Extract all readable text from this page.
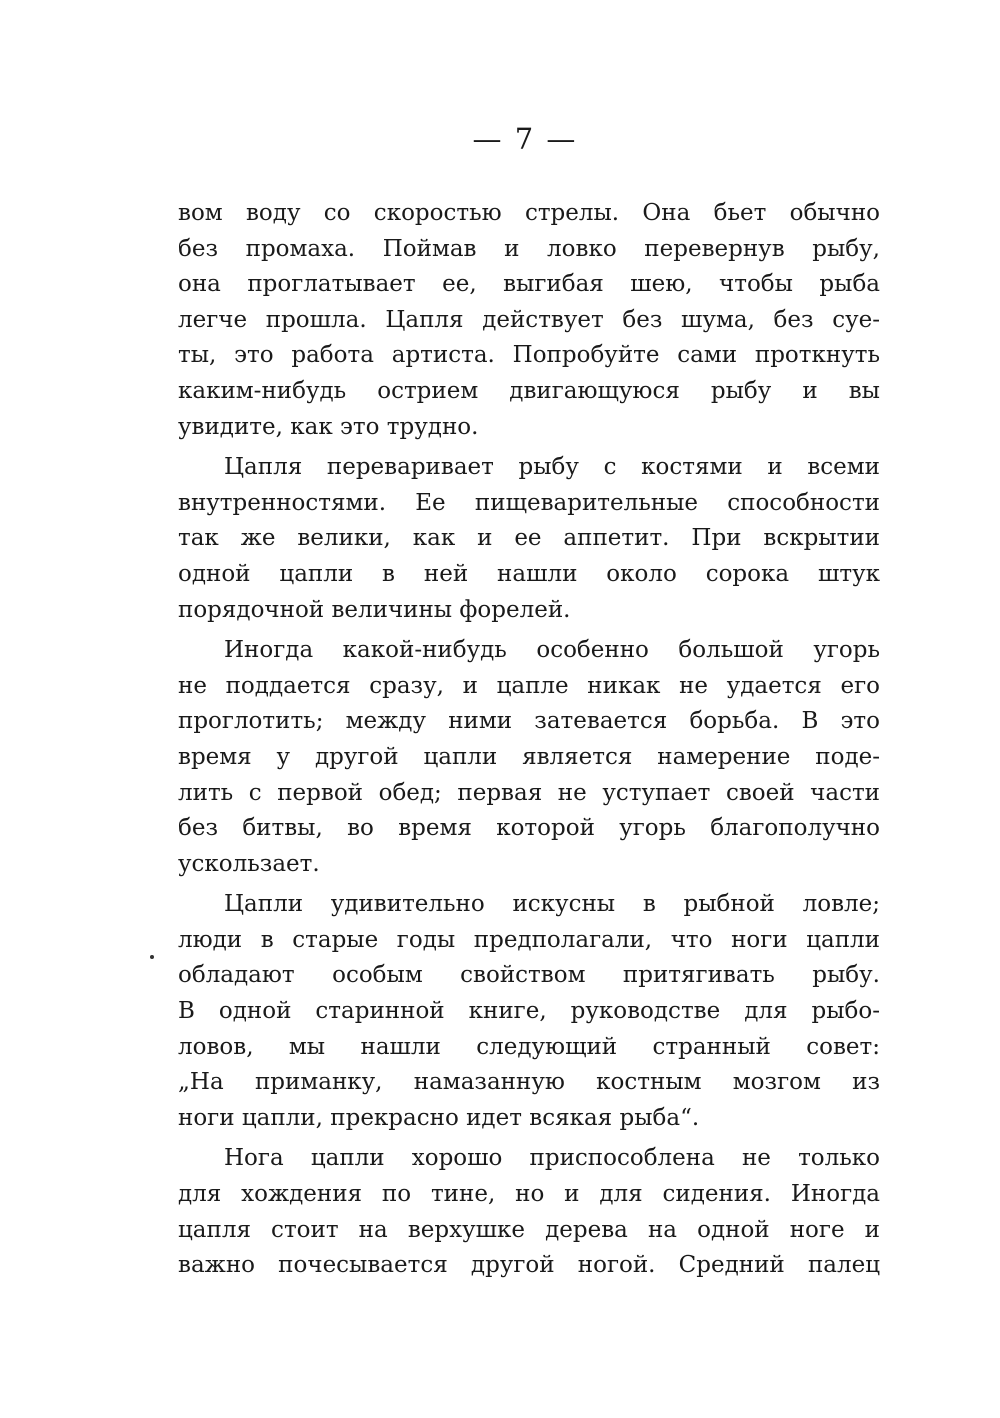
— 7 —
вом воду со скоростью стрелы. Она бьет обычно
без промаха. Поймав и ловко перевернув рыбу,
она проглатывает ее, выгибая шею, чтобы рыба
легче прошла. Цапля действует без шума, без суе-
ты, это работа артиста. Попробуйте сами проткнуть
каким-нибудь острием двигающуюся рыбу и вы
увидите, как это трудно.
Цапля переваривает рыбу с костями и всеми
внутренностями. Ее пищеварительные способности
так же велики, как и ее аппетит. При вскрытии
одной цапли в ней нашли около сорока штук
порядочной величины форелей.
Иногда какой-нибудь особенно большой угорь
не поддается сразу, и цапле никак не удается его
проглотить; между ними затевается борьба. В это
время у другой цапли является намерение поде-
лить с первой обед; первая не уступает своей части
без битвы, во время которой угорь благополучно
ускользает.
Цапли удивительно искусны в рыбной ловле;
люди в старые годы предполагали, что ноги цапли
обладают особым свойством притягивать рыбу.
В одной старинной книге, руководстве для рыбо-
ловов, мы нашли следующий странный совет:
„На приманку, намазанную костным мозгом из
ноги цапли, прекрасно идет всякая рыба“.
Нога цапли хорошо приспособлена не только
для хождения по тине, но и для сидения. Иногда
цапля стоит на верхушке дерева на одной ноге и
важно почесывается другой ногой. Средний палец
